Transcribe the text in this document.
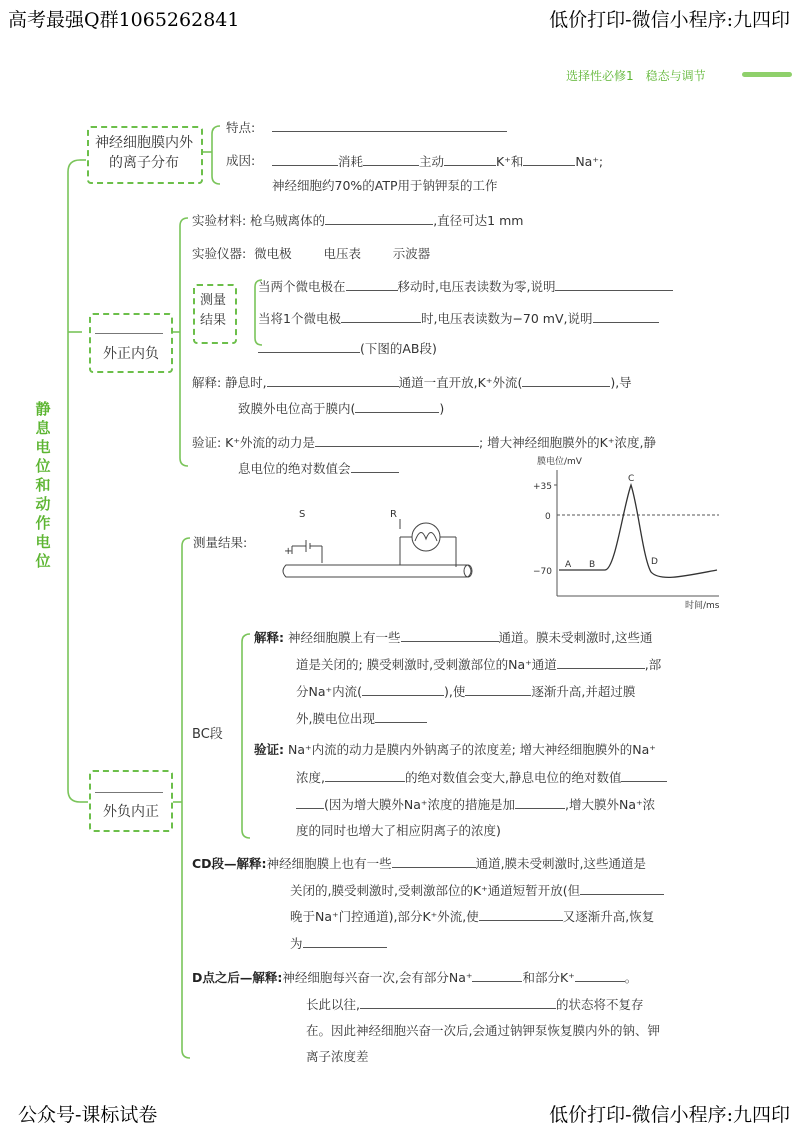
高考最强Q群1065262841	低价打印-微信小程序:九四印
公众号-课标试卷	低价打印-微信小程序:九四印
选择性必修1　稳态与调节
静息电位和动作电位
神经细胞膜内外的离子分布
特点:
成因:	消耗	主动	K⁺和	Na⁺;
神经细胞约70%的ATP用于钠钾泵的工作
外正内负
实验材料: 枪乌贼离体的	,直径可达1 mm
实验仪器: 微电极	电压表	示波器
测量结果
当两个微电极在	移动时,电压表读数为零,说明
当将1个微电极	时,电压表读数为−70 mV,说明
(下图的AB段)
解释: 静息时,	通道一直开放,K⁺外流(	),导
致膜外电位高于膜内(	)
验证: K⁺外流的动力是	; 增大神经细胞膜外的K⁺浓度,静
息电位的绝对数值会	膜电位/mV
+35
0
−70
A B
C
D
时间/ms
外负内正
测量结果:
S	R
+
BC段
解释: 神经细胞膜上有一些	通道。膜未受刺激时,这些通
道是关闭的; 膜受刺激时,受刺激部位的Na⁺通道	,部
分Na⁺内流(	),使	逐渐升高,并超过膜
外,膜电位出现
验证: Na⁺内流的动力是膜内外钠离子的浓度差; 增大神经细胞膜外的Na⁺
浓度,	的绝对数值会变大,静息电位的绝对数值
(因为增大膜外Na⁺浓度的措施是加	,增大膜外Na⁺浓
度的同时也增大了相应阴离子的浓度)
CD段—解释:神经细胞膜上也有一些	通道,膜未受刺激时,这些通道是
关闭的,膜受刺激时,受刺激部位的K⁺通道短暂开放(但
晚于Na⁺门控通道),部分K⁺外流,使	又逐渐升高,恢复
为
D点之后—解释:神经细胞每兴奋一次,会有部分Na⁺	和部分K⁺	。
长此以往,	的状态将不复存
在。因此神经细胞兴奋一次后,会通过钠钾泵恢复膜内外的钠、钾
离子浓度差
